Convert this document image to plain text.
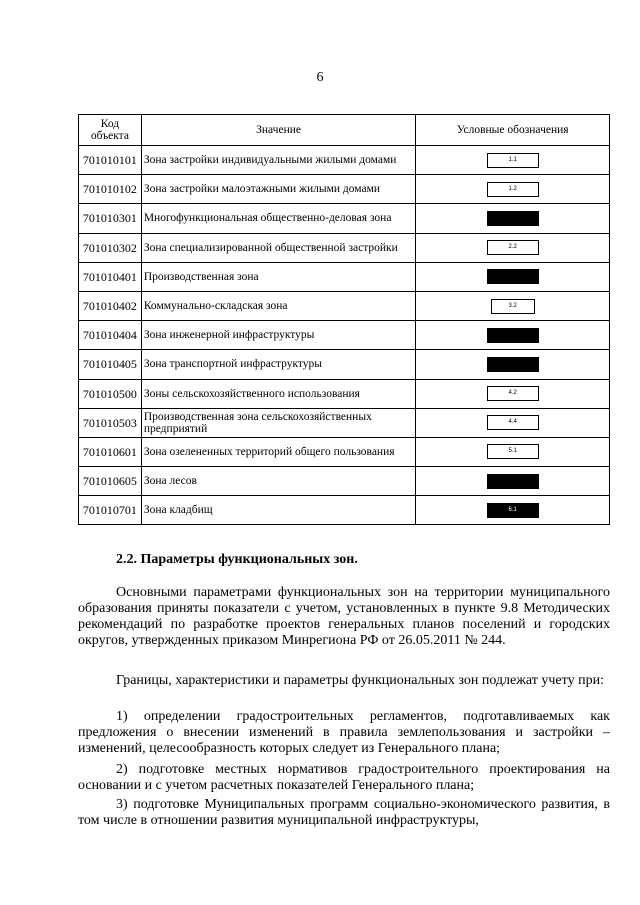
6
Код объекта	Значение	Условные обозначения
701010101	Зона застройки индивидуальными жилыми домами	1.1
701010102	Зона застройки малоэтажными жилыми домами	1.2
701010301	Многофункциональная общественно-деловая зона	
701010302	Зона специализированной общественной застройки	2.2
701010401	Производственная зона	
701010402	Коммунально-складская зона	3.2
701010404	Зона инженерной инфраструктуры	
701010405	Зона транспортной инфраструктуры	
701010500	Зоны сельскохозяйственного использования	4.2
701010503	Производственная зона сельскохозяйственных предприятий	4.4
701010601	Зона озелененных территорий общего пользования	5.1
701010605	Зона лесов	
701010701	Зона кладбищ	6.1
2.2. Параметры функциональных зон.

Основными параметрами функциональных зон на территории муниципального образования приняты показатели с учетом, установленных в пункте 9.8 Методических рекомендаций по разработке проектов генеральных планов поселений и городских округов, утвержденных приказом Минрегиона РФ от 26.05.2011 № 244.

Границы, характеристики и параметры функциональных зон подлежат учету при:

1) определении градостроительных регламентов, подготавливаемых как предложения о внесении изменений в правила землепользования и застройки – изменений, целесообразность которых следует из Генерального плана;

2) подготовке местных нормативов градостроительного проектирования на основании и с учетом расчетных показателей Генерального плана;

3) подготовке Муниципальных программ социально-экономического развития, в том числе в отношении развития муниципальной инфраструктуры,
